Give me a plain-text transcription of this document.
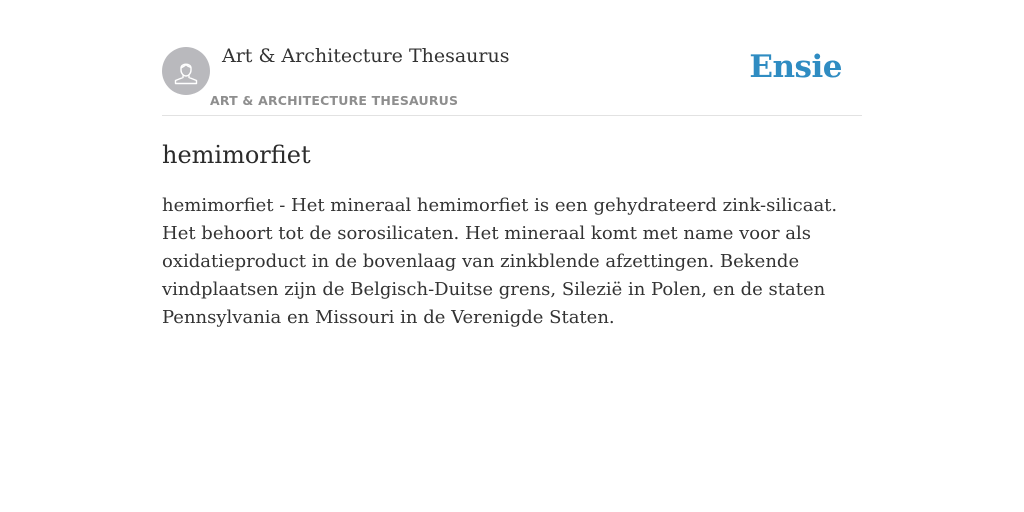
Art & Architecture Thesaurus
ART & ARCHITECTURE THESAURUS
Ensie
hemimorfiet

hemimorfiet - Het mineraal hemimorfiet is een gehydrateerd zink-silicaat. Het behoort tot de sorosilicaten. Het mineraal komt met name voor als oxidatieproduct in de bovenlaag van zinkblende afzettingen. Bekende vindplaatsen zijn de Belgisch-Duitse grens, Silezië in Polen, en de staten Pennsylvania en Missouri in de Verenigde Staten.
